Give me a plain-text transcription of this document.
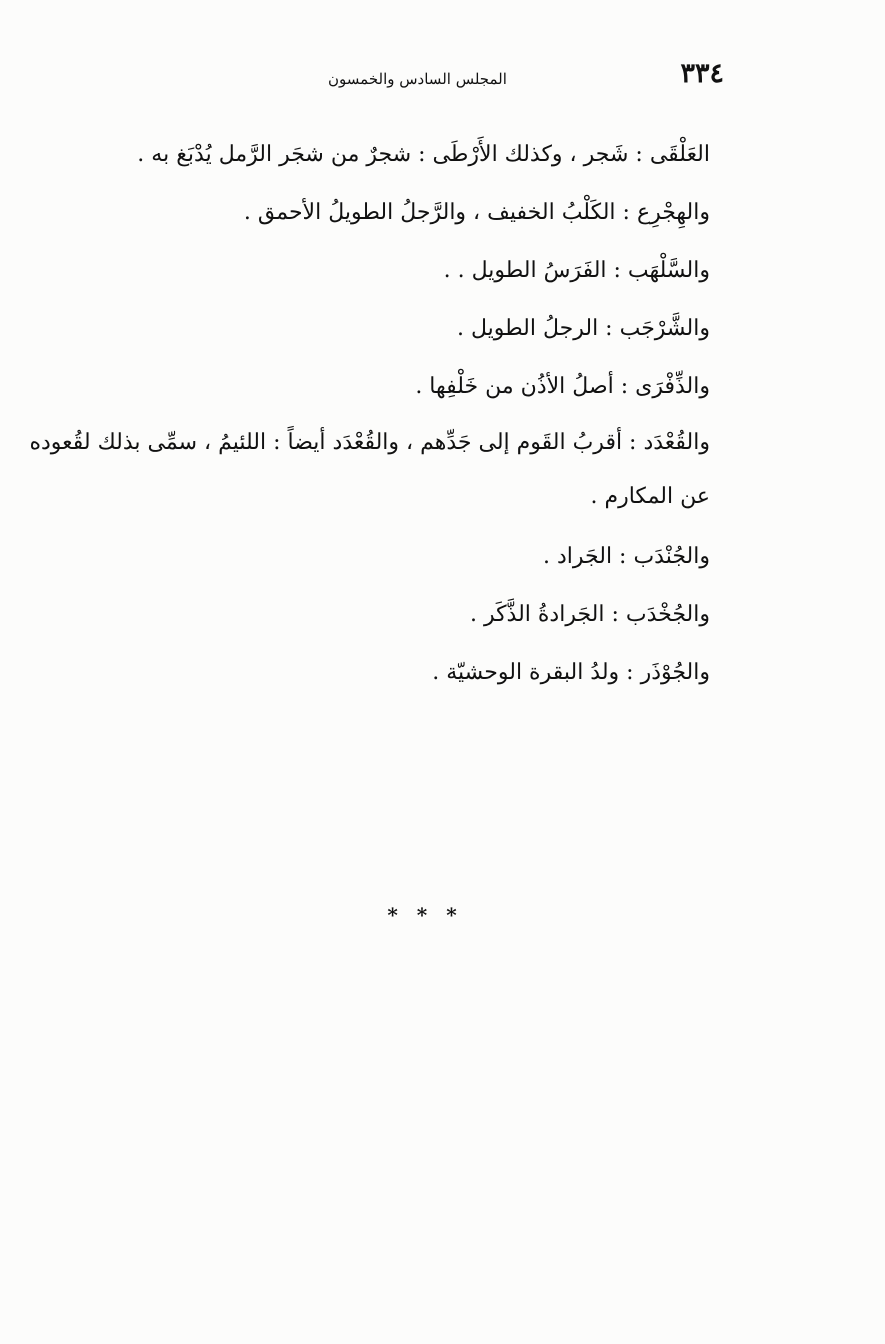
٣٣٤
المجلس السادس والخمسون

العَلْقَى : شَجر ، وكذلك الأَرْطَى : شجرٌ من شجَر الرَّمل يُدْبَغ به .

والهِجْرِع : الكَلْبُ الخفيف ، والرَّجلُ الطويلُ الأحمق .

والسَّلْهَب : الفَرَسُ الطويل . .

والشَّرْجَب : الرجلُ الطويل .

والذِّفْرَى : أصلُ الأذُن من خَلْفِها .

والقُعْدَد : أقربُ القَوم إلى جَدِّهم ، والقُعْدَد أيضاً : اللئيمُ ، سمِّى بذلك لقُعوده عن المكارم .

والجُنْدَب : الجَراد .

والجُخْدَب : الجَرادةُ الذَّكَر .

والجُوْذَر : ولدُ البقرة الوحشيّة .

* * *
